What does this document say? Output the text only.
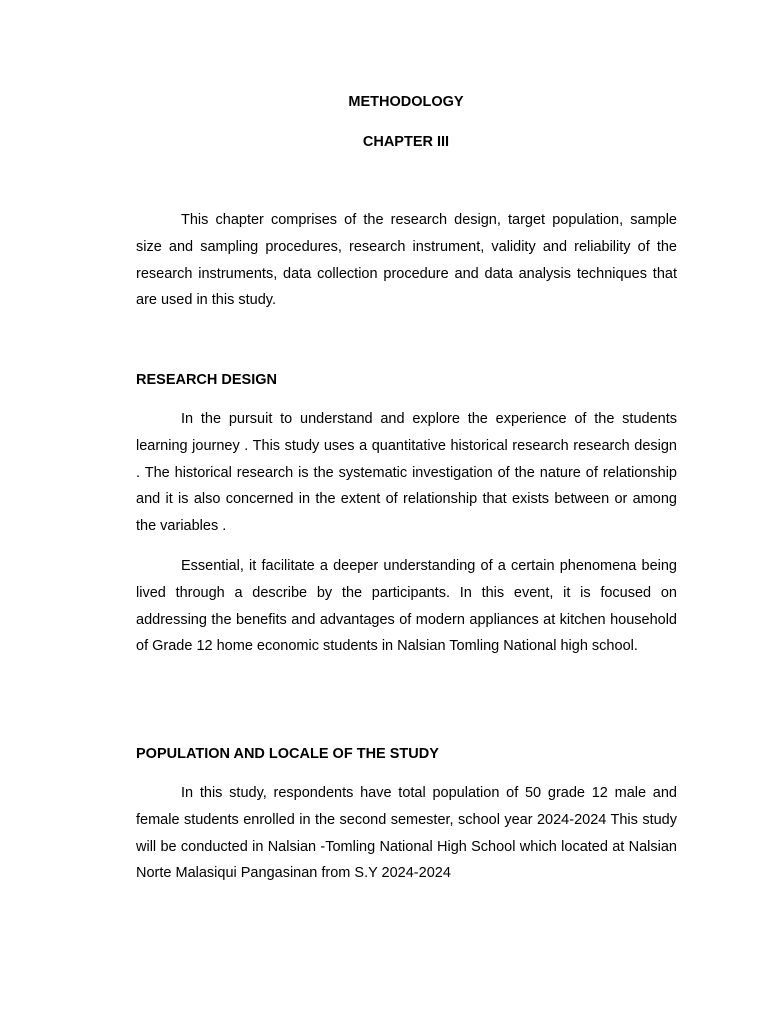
METHODOLOGY
CHAPTER III

This chapter comprises of the research design, target population, sample size and sampling procedures, research instrument, validity and reliability of the research instruments, data collection procedure and data analysis techniques that are used in this study.

RESEARCH DESIGN

In the pursuit to understand and explore the experience of the students learning journey . This study uses a quantitative historical research research design . The historical research is the systematic investigation of the nature of relationship and it is also concerned in the extent of relationship that exists between or among the variables .

Essential, it facilitate a deeper understanding of a certain phenomena being lived through a describe by the participants. In this event, it is focused on addressing the benefits and advantages of modern appliances at kitchen household of Grade 12 home economic students in Nalsian Tomling National high school.

POPULATION AND LOCALE OF THE STUDY

In this study, respondents have total population of 50 grade 12 male and female students enrolled in the second semester, school year 2024-2024 This study will be conducted in Nalsian -Tomling National High School which located at Nalsian Norte Malasiqui Pangasinan from S.Y 2024-2024
